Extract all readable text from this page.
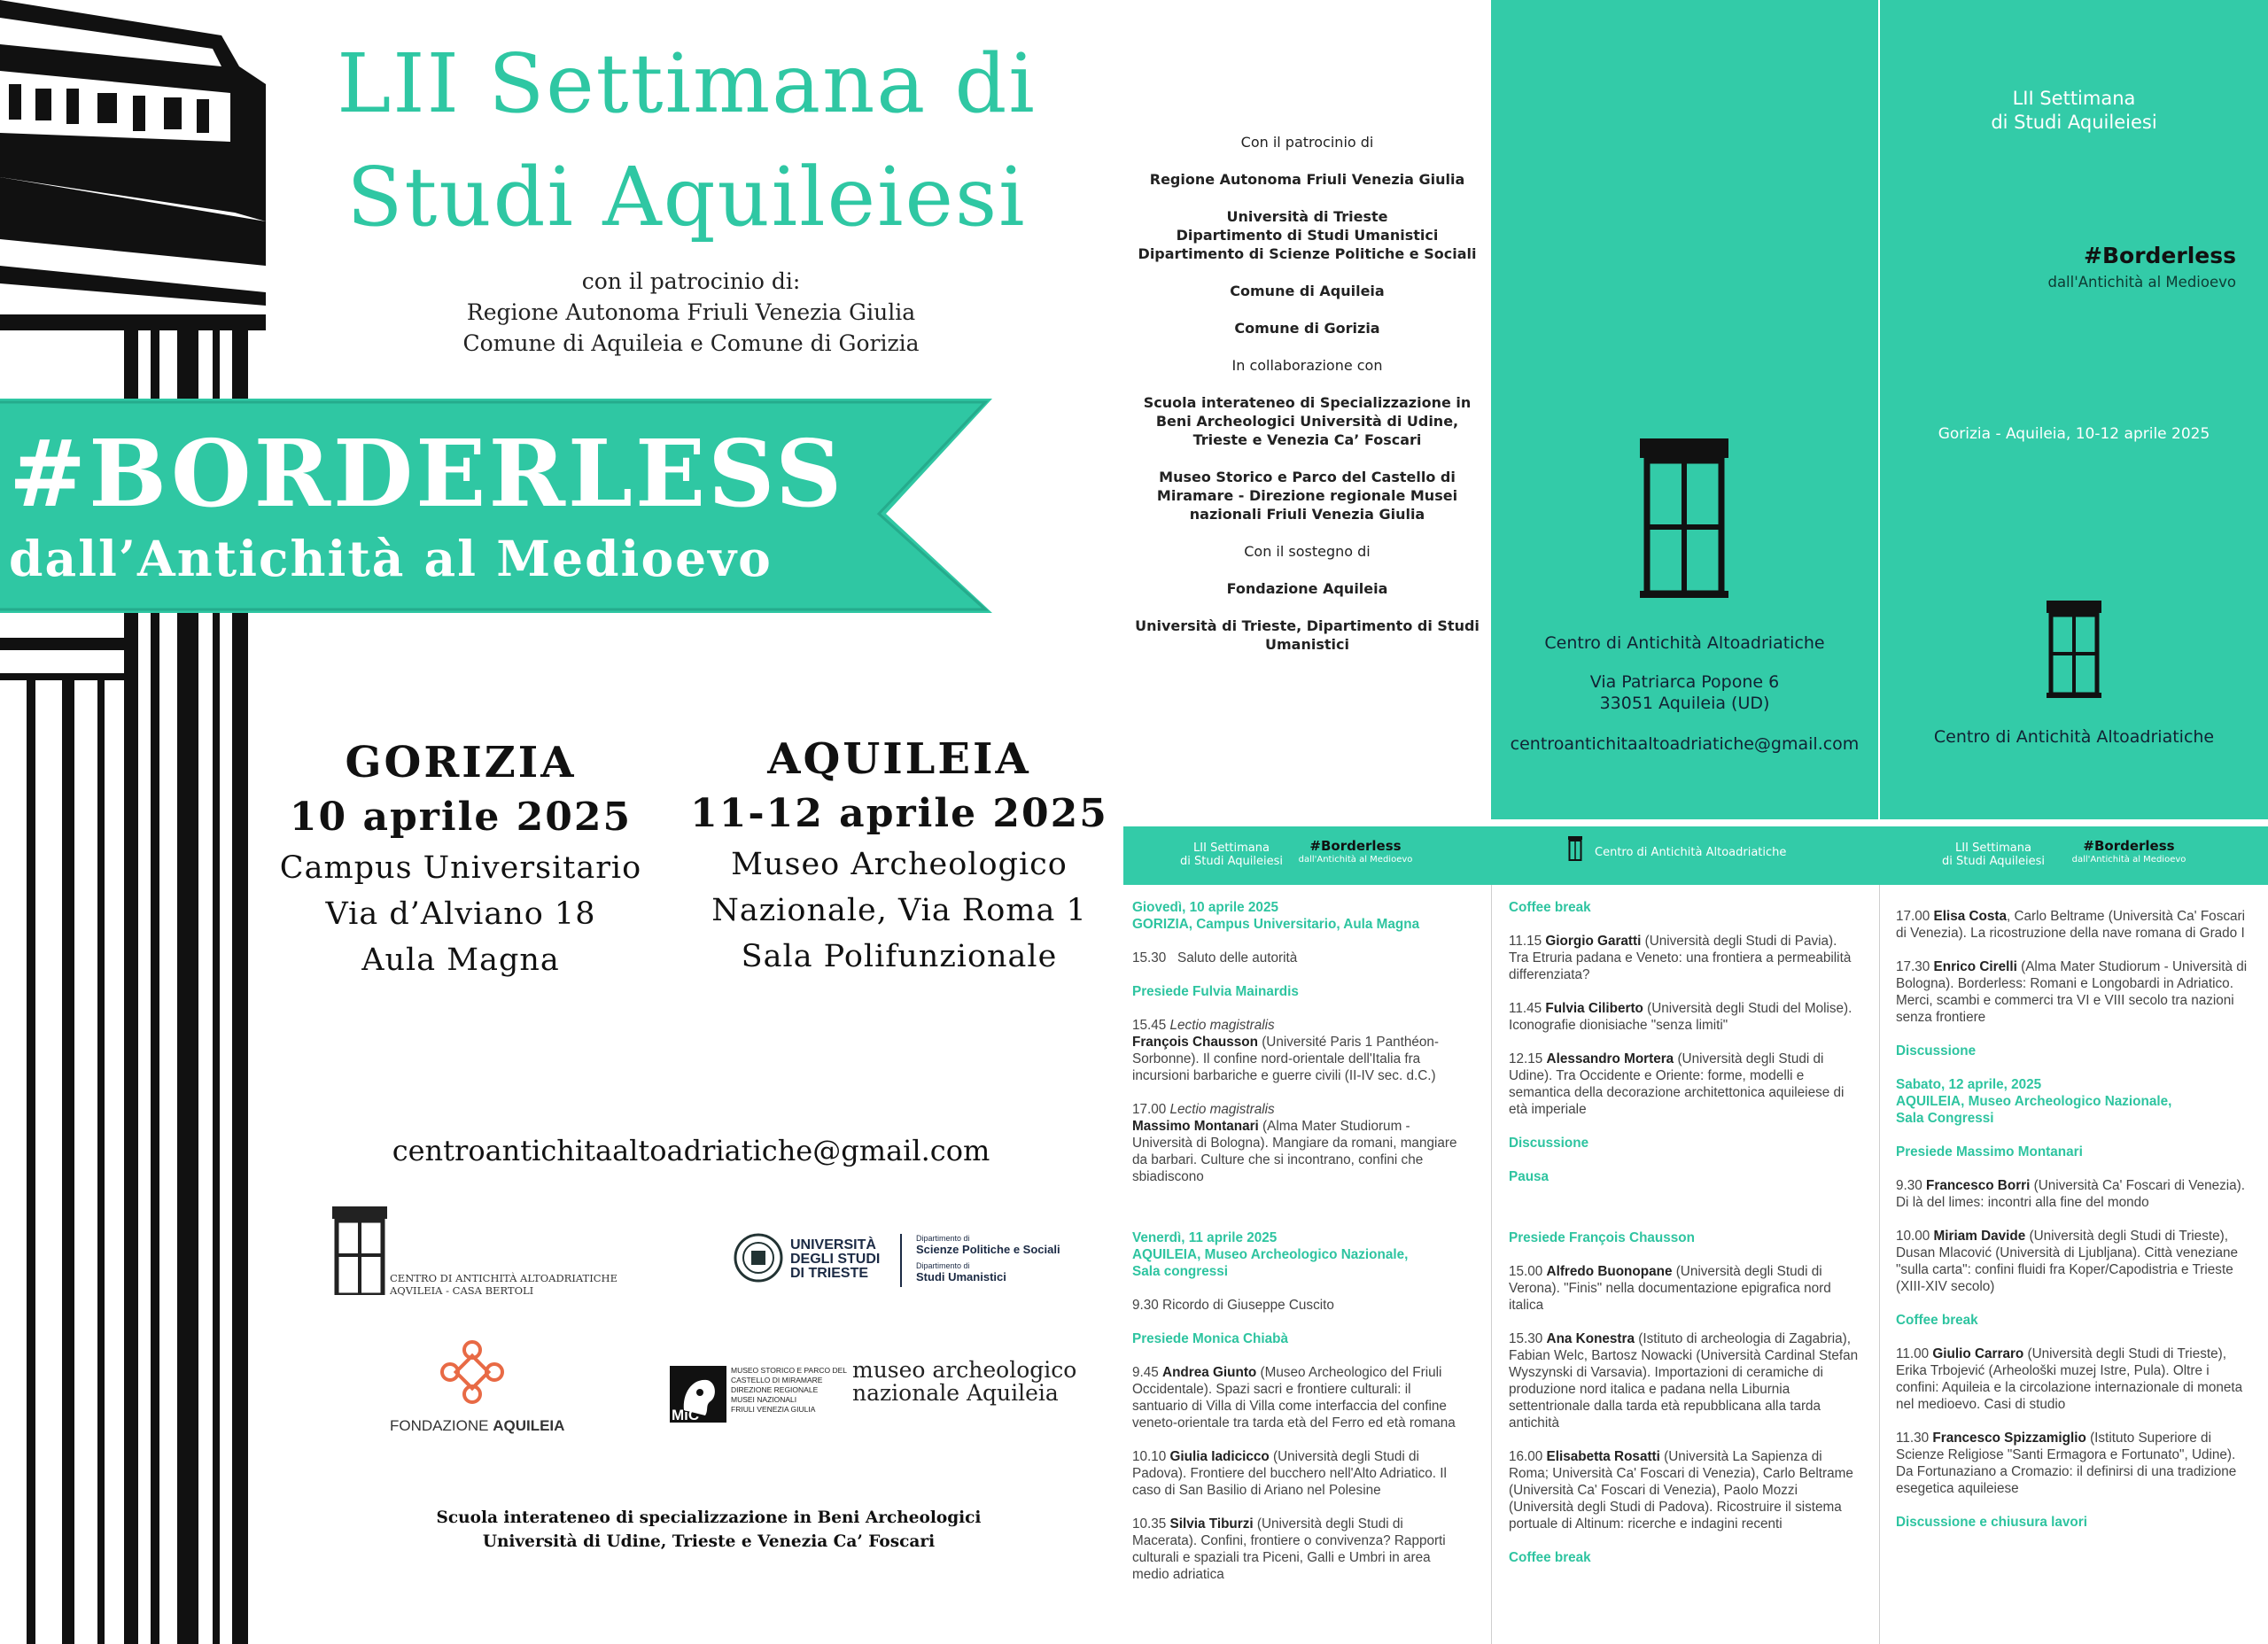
LII Settimana di
Studi Aquileiesi
con il patrocinio di:
Regione Autonoma Friuli Venezia Giulia
Comune di Aquileia e Comune di Gorizia
#BORDERLESS
dall’Antichità al Medioevo
GORIZIA
10 aprile 2025
Campus Universitario
Via d’Alviano 18
Aula Magna
AQUILEIA
11-12 aprile 2025
Museo Archeologico
Nazionale, Via Roma 1
Sala Polifunzionale
centroantichitaaltoadriatiche@gmail.com
CENTRO DI ANTICHITÀ ALTOADRIATICHE
AQVILEIA - CASA BERTOLI
UNIVERSITÀ
DEGLI STUDI
DI TRIESTE
Dipartimento di
Scienze Politiche e Sociali
Dipartimento di
Studi Umanistici
FONDAZIONE AQUILEIA
MiC
MUSEO STORICO E PARCO DEL
CASTELLO DI MIRAMARE
DIREZIONE REGIONALE
MUSEI NAZIONALI
FRIULI VENEZIA GIULIA
museo archeologico
nazionale Aquileia
Scuola interateneo di specializzazione in Beni Archeologici
Università di Udine, Trieste e Venezia Ca’ Foscari

Con il patrocinio di

Regione Autonoma Friuli Venezia Giulia

Università di Trieste
Dipartimento di Studi Umanistici
Dipartimento di Scienze Politiche e Sociali

Comune di Aquileia

Comune di Gorizia

In collaborazione con

Scuola interateneo di Specializzazione in
Beni Archeologici Università di Udine,
Trieste e Venezia Ca’ Foscari

Museo Storico e Parco del Castello di
Miramare - Direzione regionale Musei
nazionali Friuli Venezia Giulia

Con il sostegno di

Fondazione Aquileia

Università di Trieste, Dipartimento di Studi
Umanistici	Centro di Antichità Altoadriatiche
Via Patriarca Popone 6
33051 Aquileia (UD)
centroantichitaaltoadriatiche@gmail.com
LII Settimana
di Studi Aquileiesi
#Borderless
dall'Antichità al Medioevo
Gorizia - Aquileia, 10-12 aprile 2025
Centro di Antichità Altoadriatiche
LII Settimana
di Studi Aquileiesi
#Borderless
dall'Antichità al Medioevo
Centro di Antichità Altoadriatiche	LII Settimana
di Studi Aquileiesi
#Borderless
dall'Antichità al Medioevo

Giovedì, 10 aprile 2025
GORIZIA, Campus Universitario, Aula Magna

15.30   Saluto delle autorità

Presiede Fulvia Mainardis

15.45 Lectio magistralis
François Chausson (Université Paris 1 Panthéon-Sorbonne). Il confine nord-orientale dell'Italia fra incursioni barbariche e guerre civili (II-IV sec. d.C.)

17.00 Lectio magistralis
Massimo Montanari (Alma Mater Studiorum - Università di Bologna). Mangiare da romani, mangiare da barbari. Culture che si incontrano, confini che sbiadiscono

Venerdì, 11 aprile 2025
AQUILEIA, Museo Archeologico Nazionale,
Sala congressi

9.30 Ricordo di Giuseppe Cuscito

Presiede Monica Chiabà

9.45 Andrea Giunto (Museo Archeologico del Friuli Occidentale). Spazi sacri e frontiere culturali: il santuario di Villa di Villa come interfaccia del confine veneto-orientale tra tarda età del Ferro ed età romana

10.10 Giulia Iadicicco (Università degli Studi di Padova). Frontiere del bucchero nell'Alto Adriatico. Il caso di San Basilio di Ariano nel Polesine

10.35 Silvia Tiburzi (Università degli Studi di Macerata). Confini, frontiere o convivenza? Rapporti culturali e spaziali tra Piceni, Galli e Umbri in area medio adriatica

Coffee break

11.15 Giorgio Garatti (Università degli Studi di Pavia). Tra Etruria padana e Veneto: una frontiera a permeabilità differenziata?

11.45 Fulvia Ciliberto (Università degli Studi del Molise). Iconografie dionisiache "senza limiti"

12.15 Alessandro Mortera (Università degli Studi di Udine). Tra Occidente e Oriente: forme, modelli e semantica della decorazione architettonica aquileiese di età imperiale

Discussione

Pausa

Presiede François Chausson

15.00 Alfredo Buonopane (Università degli Studi di Verona). "Finis" nella documentazione epigrafica nord italica

15.30 Ana Konestra (Istituto di archeologia di Zagabria), Fabian Welc, Bartosz Nowacki (Università Cardinal Stefan Wyszynski di Varsavia). Importazioni di ceramiche di produzione nord italica e padana nella Liburnia settentrionale dalla tarda età repubblicana alla tarda antichità

16.00 Elisabetta Rosatti (Università La Sapienza di Roma; Università Ca' Foscari di Venezia), Carlo Beltrame (Università Ca' Foscari di Venezia), Paolo Mozzi (Università degli Studi di Padova). Ricostruire il sistema portuale di Altinum: ricerche e indagini recenti

Coffee break

17.00 Elisa Costa, Carlo Beltrame (Università Ca' Foscari di Venezia). La ricostruzione della nave romana di Grado I

17.30 Enrico Cirelli (Alma Mater Studiorum - Università di Bologna). Borderless: Romani e Longobardi in Adriatico. Merci, scambi e commerci tra VI e VIII secolo tra nazioni senza frontiere

Discussione

Sabato, 12 aprile, 2025
AQUILEIA, Museo Archeologico Nazionale,
Sala Congressi

Presiede Massimo Montanari

9.30 Francesco Borri (Università Ca' Foscari di Venezia). Di là del limes: incontri alla fine del mondo

10.00 Miriam Davide (Università degli Studi di Trieste), Dusan Mlacović (Università di Ljubljana). Città veneziane "sulla carta": confini fluidi fra Koper/Capodistria e Trieste (XIII-XIV secolo)

Coffee break

11.00 Giulio Carraro (Università degli Studi di Trieste), Erika Trbojević (Arheološki muzej Istre, Pula). Oltre i confini: Aquileia e la circolazione internazionale di moneta nel medioevo. Casi di studio

11.30 Francesco Spizzamiglio (Istituto Superiore di Scienze Religiose "Santi Ermagora e Fortunato", Udine). Da Fortunaziano a Cromazio: il definirsi di una tradizione esegetica aquileiese

Discussione e chiusura lavori
